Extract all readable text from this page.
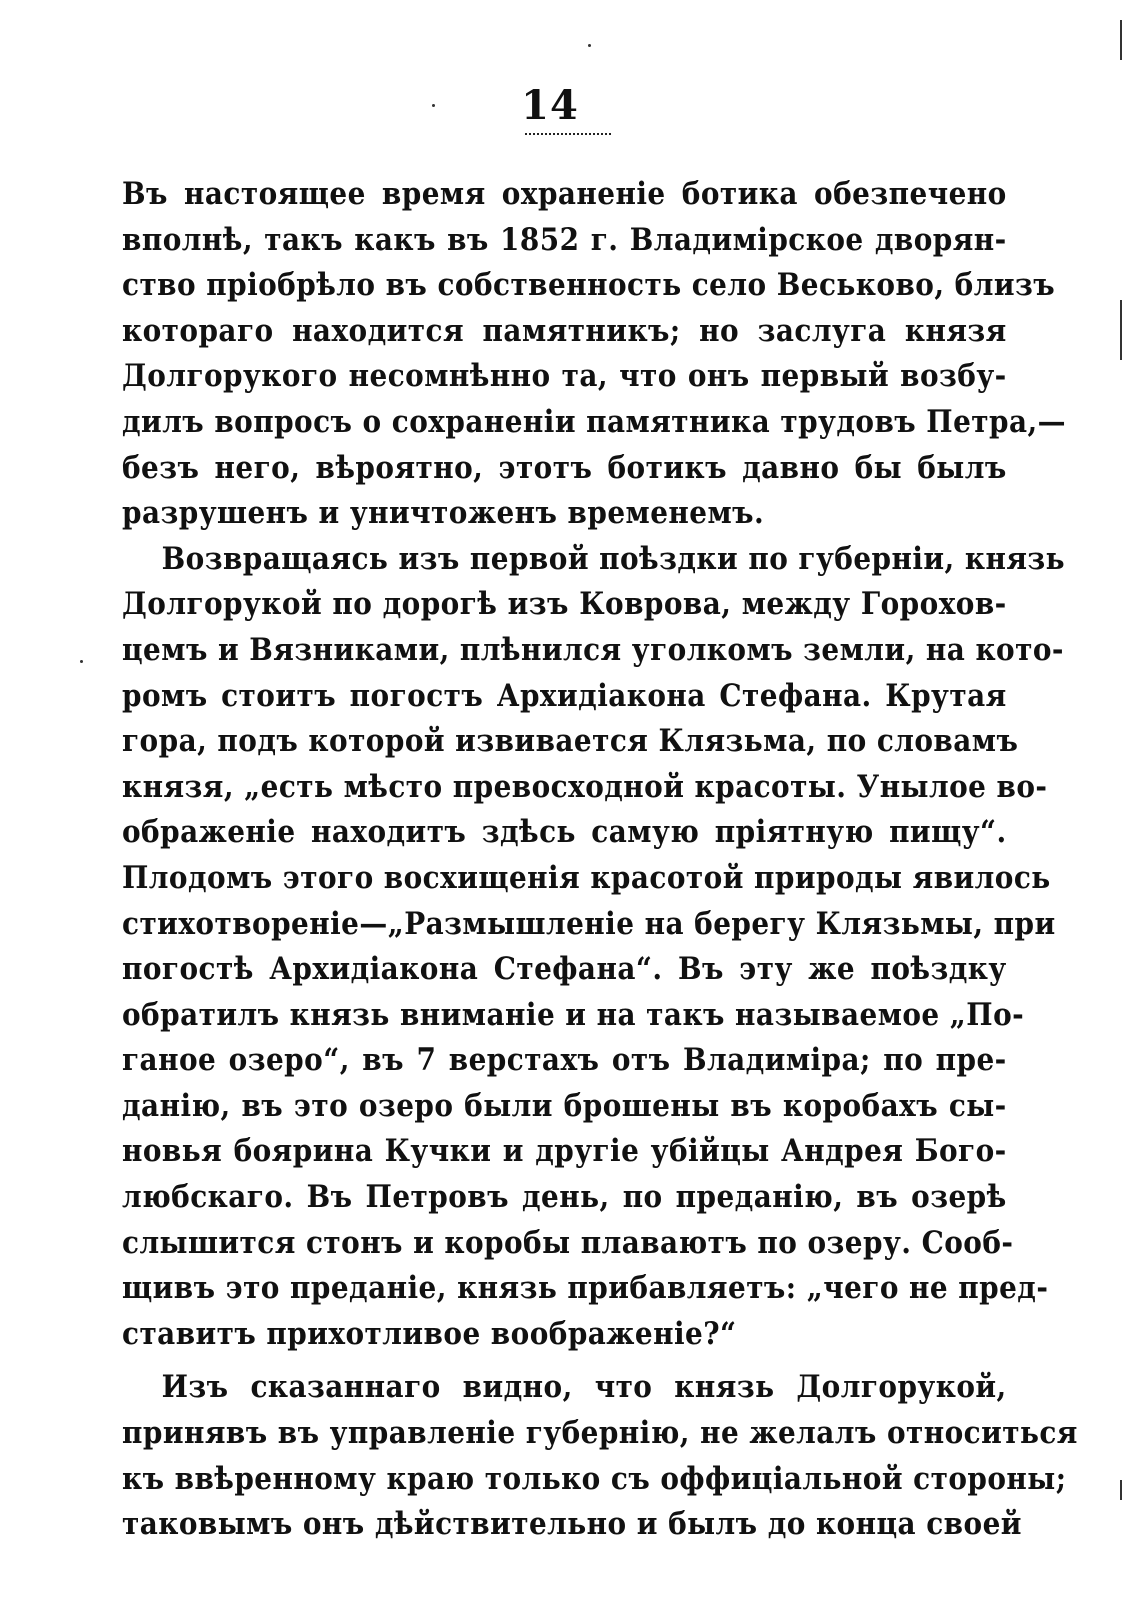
14
Въ настоящее время охраненіе ботика обезпечено
вполнѣ, такъ какъ въ 1852 г. Владимірское дворян-
ство пріобрѣло въ собственность село Веськово, близъ
котораго находится памятникъ; но заслуга князя
Долгорукого несомнѣнно та, что онъ первый возбу-
дилъ вопросъ о сохраненіи памятника трудовъ Петра,—
безъ него, вѣроятно, этотъ ботикъ давно бы былъ
разрушенъ и уничтоженъ временемъ.
Возвращаясь изъ первой поѣздки по губерніи, князь
Долгорукой по дорогѣ изъ Коврова, между Горохов-
цемъ и Вязниками, плѣнился уголкомъ земли, на кото-
ромъ стоитъ погостъ Архидіакона Стефана. Крутая
гора, подъ которой извивается Клязьма, по словамъ
князя, „есть мѣсто превосходной красоты. Унылое во-
ображеніе находитъ здѣсь самую пріятную пищу“.
Плодомъ этого восхищенія красотой природы явилось
стихотвореніе—„Размышленіе на берегу Клязьмы, при
погостѣ Архидіакона Стефана“. Въ эту же поѣздку
обратилъ князь вниманіе и на такъ называемое „По-
ганое озеро“, въ 7 верстахъ отъ Владиміра; по пре-
данію, въ это озеро были брошены въ коробахъ сы-
новья боярина Кучки и другіе убійцы Андрея Бого-
любскаго. Въ Петровъ день, по преданію, въ озерѣ
слышится стонъ и коробы плаваютъ по озеру. Сооб-
щивъ это преданіе, князь прибавляетъ: „чего не пред-
ставитъ прихотливое воображеніе?“
Изъ сказаннаго видно, что князь Долгорукой,
принявъ въ управленіе губернію, не желалъ относиться
къ ввѣренному краю только съ оффиціальной стороны;
таковымъ онъ дѣйствительно и былъ до конца своей
